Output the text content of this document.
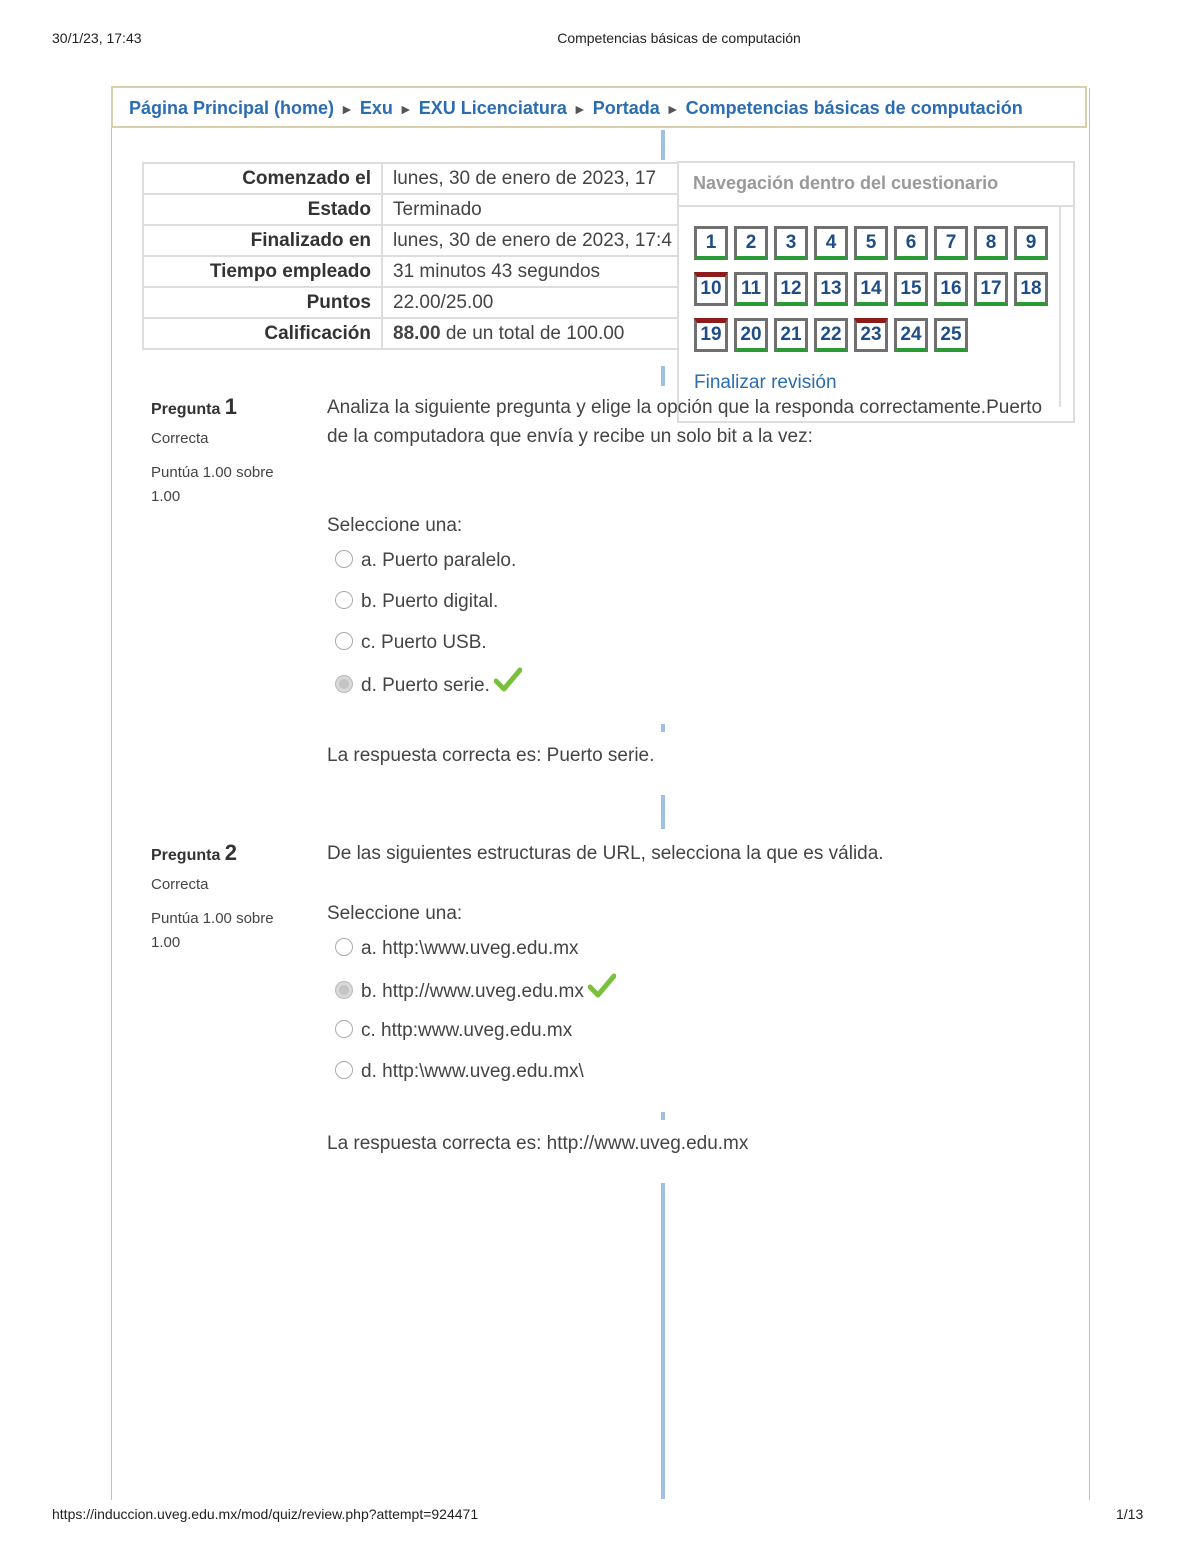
30/1/23, 17:43	Competencias básicas de computación
Página Principal (home) ► Exu ► EXU Licenciatura ► Portada ► Competencias básicas de computación
Comenzado el	lunes, 30 de enero de 2023, 17
Estado	Terminado
Finalizado en	lunes, 30 de enero de 2023, 17:4
Tiempo empleado	31 minutos 43 segundos
Puntos	22.00/25.00
Calificación	88.00 de un total de 100.00
Navegación dentro del cuestionario
1	2	3	4	5	6	7	8	9
10	11	12 13 14 15 16 17 18
19 20 21 22 23 24 25
Finalizar revisión
Pregunta 1
Correcta
Puntúa 1.00 sobre 1.00
Analiza la siguiente pregunta y elige la opción que la responda correctamente.Puerto de la computadora que envía y recibe un solo bit a la vez:
Seleccione una:
a. Puerto paralelo.
b. Puerto digital.
c. Puerto USB.
d. Puerto serie.
La respuesta correcta es: Puerto serie.
Pregunta 2
Correcta
Puntúa 1.00 sobre 1.00
De las siguientes estructuras de URL, selecciona la que es válida.
Seleccione una:
a. http:\www.uveg.edu.mx
b. http://www.uveg.edu.mx
c. http:www.uveg.edu.mx
d. http:\www.uveg.edu.mx\
La respuesta correcta es: http://www.uveg.edu.mx
https://induccion.uveg.edu.mx/mod/quiz/review.php?attempt=924471	1/13
